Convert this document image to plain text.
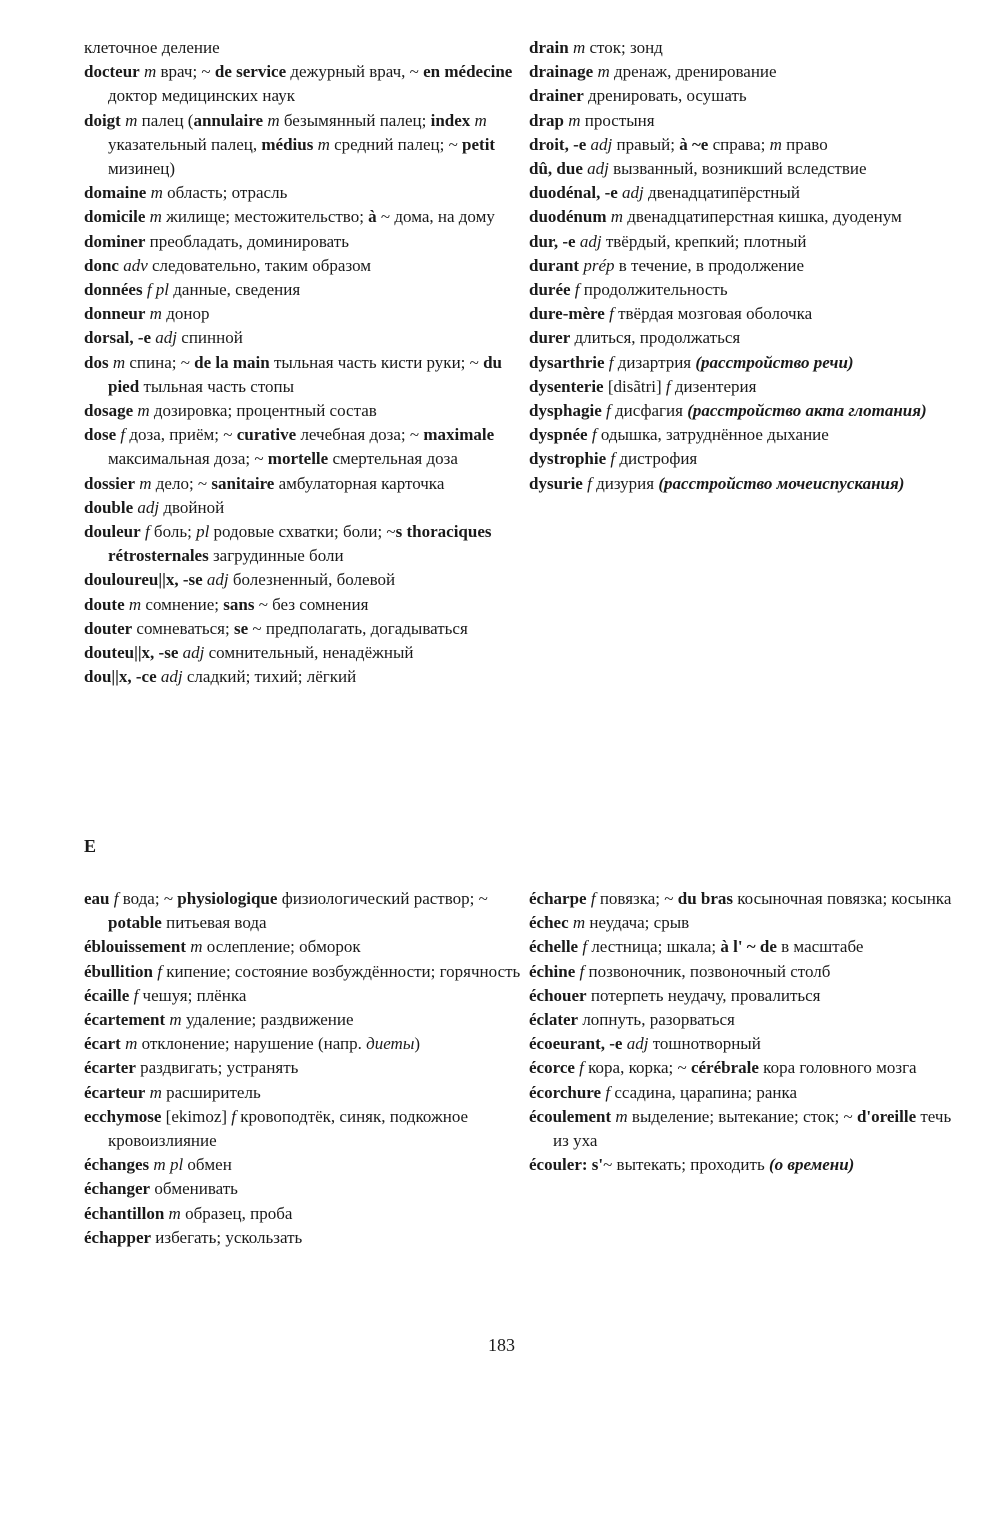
клеточное деление
docteur m врач; ~ de service дежурный врач, ~ en médecine доктор медицинских наук
doigt m палец (annulaire m безымянный палец; index m указательный палец, médius m средний палец; ~ petit мизинец)
domaine m область; отрасль
domicile m жилище; местожительство; à ~ дома, на дому
dominer преобладать, доминировать
donc adv следовательно, таким образом
données f pl данные, сведения
donneur m донор
dorsal, -e adj спинной
dos m спина; ~ de la main тыльная часть кисти руки; ~ du pied тыльная часть стопы
dosage m дозировка; процентный состав
dose f доза, приём; ~ curative лечебная доза; ~ maximale максимальная доза; ~ mortelle смертельная доза
dossier m дело; ~ sanitaire амбулаторная карточка
double adj двойной
douleur f боль; pl родовые схватки; боли; ~s thoraciques rétrosternales загрудинные боли
douloureu||x, -se adj болезненный, болевой
doute m сомнение; sans ~ без сомнения
douter сомневаться; se ~ предполагать, догадываться
douteu||x, -se adj сомнительный, ненадёжный
dou||x, -ce adj сладкий; тихий; лёгкий
drain m сток; зонд
drainage m дренаж, дренирование
drainer дренировать, осушать
drap m простыня
droit, -e adj правый; à ~e справа; m право
dû, due adj вызванный, возникший вследствие
duodénal, -e adj двенадцатипёрстный
duodénum m двенадцатиперстная кишка, дуоденум
dur, -e adj твёрдый, крепкий; плотный
durant prép в течение, в продолжение
durée f продолжительность
dure-mère f твёрдая мозговая оболочка
durer длиться, продолжаться
dysarthrie f дизартрия (расстройство речи)
dysenterie [disãtri] f дизентерия
dysphagie f дисфагия (расстройство акта глотания)
dyspnée f одышка, затруднённое дыхание
dystrophie f дистрофия
dysurie f дизурия (расстройство мочеиспускания)
E
eau f вода; ~ physiologique физиологический раствор; ~ potable питьевая вода
éblouissement m ослепление; обморок
ébullition f кипение; состояние возбуждённости; горячность
écaille f чешуя; плёнка
écartement m удаление; раздвижение
écart m отклонение; нарушение (напр. диеты)
écarter раздвигать; устранять
écarteur m расширитель
ecchymose [ekimoz] f кровоподтёк, синяк, подкожное кровоизлияние
échanges m pl обмен
échanger обменивать
échantillon m образец, проба
échapper избегать; ускользать
écharpe f повязка; ~ du bras косыночная повязка; косынка
échec m неудача; срыв
échelle f лестница; шкала; à l' ~ de в масштабе
échine f позвоночник, позвоночный столб
échouer потерпеть неудачу, провалиться
éclater лопнуть, разорваться
écoeurant, -e adj тошнотворный
écorce f кора, корка; ~ cérébrale кора головного мозга
écorchure f ссадина, царапина; ранка
écoulement m выделение; вытекание; сток; ~ d'oreille течь из уха
écouler: s'~ вытекать; проходить (о времени)
183
